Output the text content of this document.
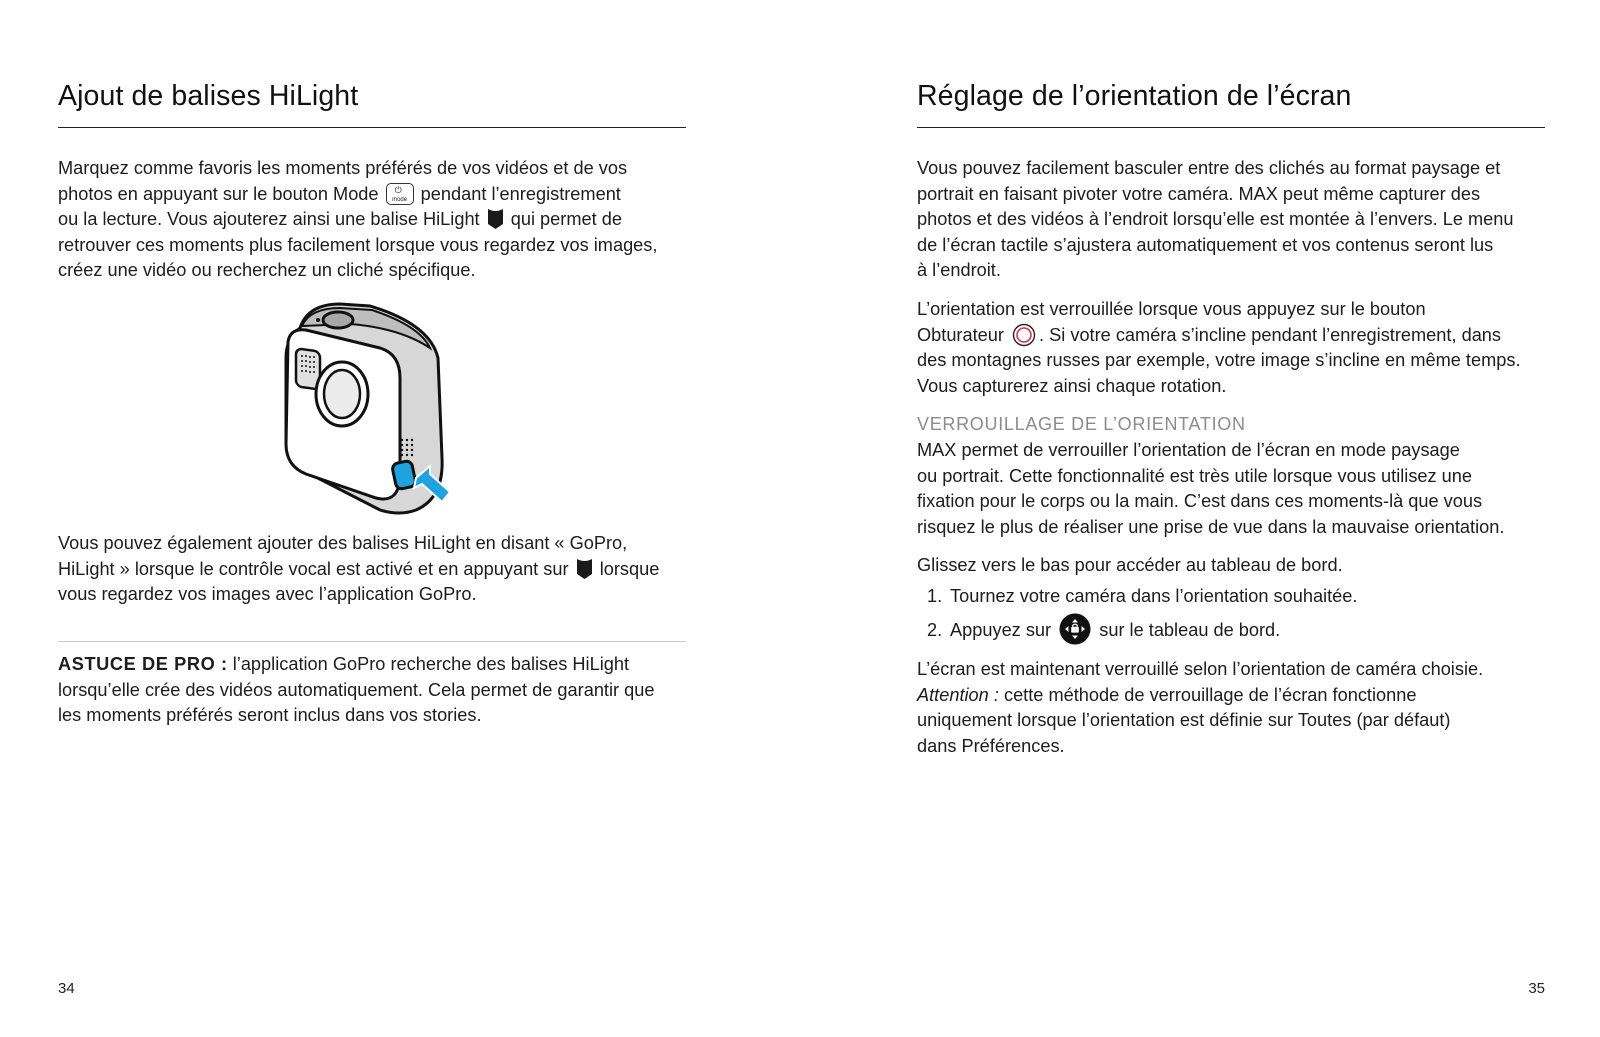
Ajout de balises HiLight

Marquez comme favoris les moments préférés de vos vidéos et de vos

photos en appuyant sur le bouton Mode ⏻
mode pendant l’enregistrement

ou la lecture. Vous ajouterez ainsi une balise HiLight qui permet de

retrouver ces moments plus facilement lorsque vous regardez vos images,

créez une vidéo ou recherchez un cliché spécifique.

Vous pouvez également ajouter des balises HiLight en disant « GoPro,

HiLight » lorsque le contrôle vocal est activé et en appuyant sur lorsque

vous regardez vos images avec l’application GoPro.

ASTUCE DE PRO : l’application GoPro recherche des balises HiLight

lorsqu’elle crée des vidéos automatiquement. Cela permet de garantir que

les moments préférés seront inclus dans vos stories.

34
Réglage de l’orientation de l’écran

Vous pouvez facilement basculer entre des clichés au format paysage et

portrait en faisant pivoter votre caméra. MAX peut même capturer des

photos et des vidéos à l’endroit lorsqu’elle est montée à l’envers. Le menu

de l’écran tactile s’ajustera automatiquement et vos contenus seront lus

à l’endroit.

L’orientation est verrouillée lorsque vous appuyez sur le bouton

Obturateur . Si votre caméra s’incline pendant l’enregistrement, dans

des montagnes russes par exemple, votre image s’incline en même temps.

Vous capturerez ainsi chaque rotation.

VERROUILLAGE DE L’ORIENTATION

MAX permet de verrouiller l’orientation de l’écran en mode paysage

ou portrait. Cette fonctionnalité est très utile lorsque vous utilisez une

fixation pour le corps ou la main. C’est dans ces moments-là que vous

risquez le plus de réaliser une prise de vue dans la mauvaise orientation.

Glissez vers le bas pour accéder au tableau de bord.

1. Tournez votre caméra dans l’orientation souhaitée.
2. Appuyez sur	sur le tableau de bord.

L’écran est maintenant verrouillé selon l’orientation de caméra choisie.

Attention : cette méthode de verrouillage de l’écran fonctionne

uniquement lorsque l’orientation est définie sur Toutes (par défaut)

dans Préférences.

35
